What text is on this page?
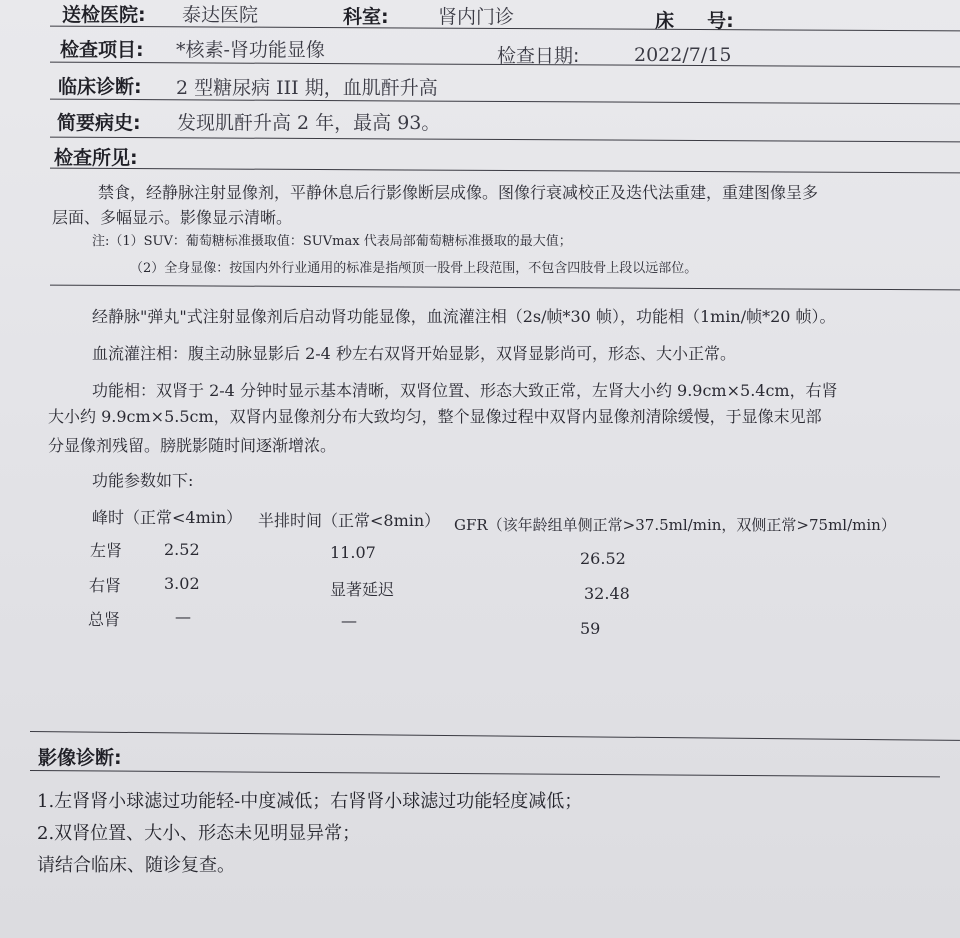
送检医院: 泰达医院	科室:	肾内门诊	床     号:
检查项目: *核素-肾功能显像	检查日期:	2022/7/15
临床诊断: 2 型糖尿病 III 期，血肌酐升高
简要病史: 发现肌酐升高 2 年，最高 93。
检查所见:
禁食，经静脉注射显像剂，平静休息后行影像断层成像。图像行衰减校正及迭代法重建，重建图像呈多
层面、多幅显示。影像显示清晰。
注:（1）SUV：葡萄糖标准摄取值：SUVmax 代表局部葡萄糖标准摄取的最大值；
（2）全身显像：按国内外行业通用的标准是指颅顶一股骨上段范围，不包含四肢骨上段以远部位。
经静脉"弹丸"式注射显像剂后启动肾功能显像，血流灌注相（2s/帧*30 帧），功能相（1min/帧*20 帧）。
血流灌注相：腹主动脉显影后 2-4 秒左右双肾开始显影，双肾显影尚可，形态、大小正常。
功能相：双肾于 2-4 分钟时显示基本清晰，双肾位置、形态大致正常，左肾大小约 9.9cm×5.4cm，右肾
大小约 9.9cm×5.5cm，双肾内显像剂分布大致均匀，整个显像过程中双肾内显像剂清除缓慢，于显像末见部
分显像剂残留。膀胱影随时间逐渐增浓。
功能参数如下:
峰时（正常<4min） 半排时间（正常<8min） GFR（该年龄组单侧正常>37.5ml/min，双侧正常>75ml/min）
左肾	2.52	11.07	26.52
右肾	3.02	显著延迟	32.48
总肾	—	—	59
影像诊断:
1.左肾肾小球滤过功能轻-中度减低；右肾肾小球滤过功能轻度减低；
2.双肾位置、大小、形态未见明显异常；
请结合临床、随诊复查。
